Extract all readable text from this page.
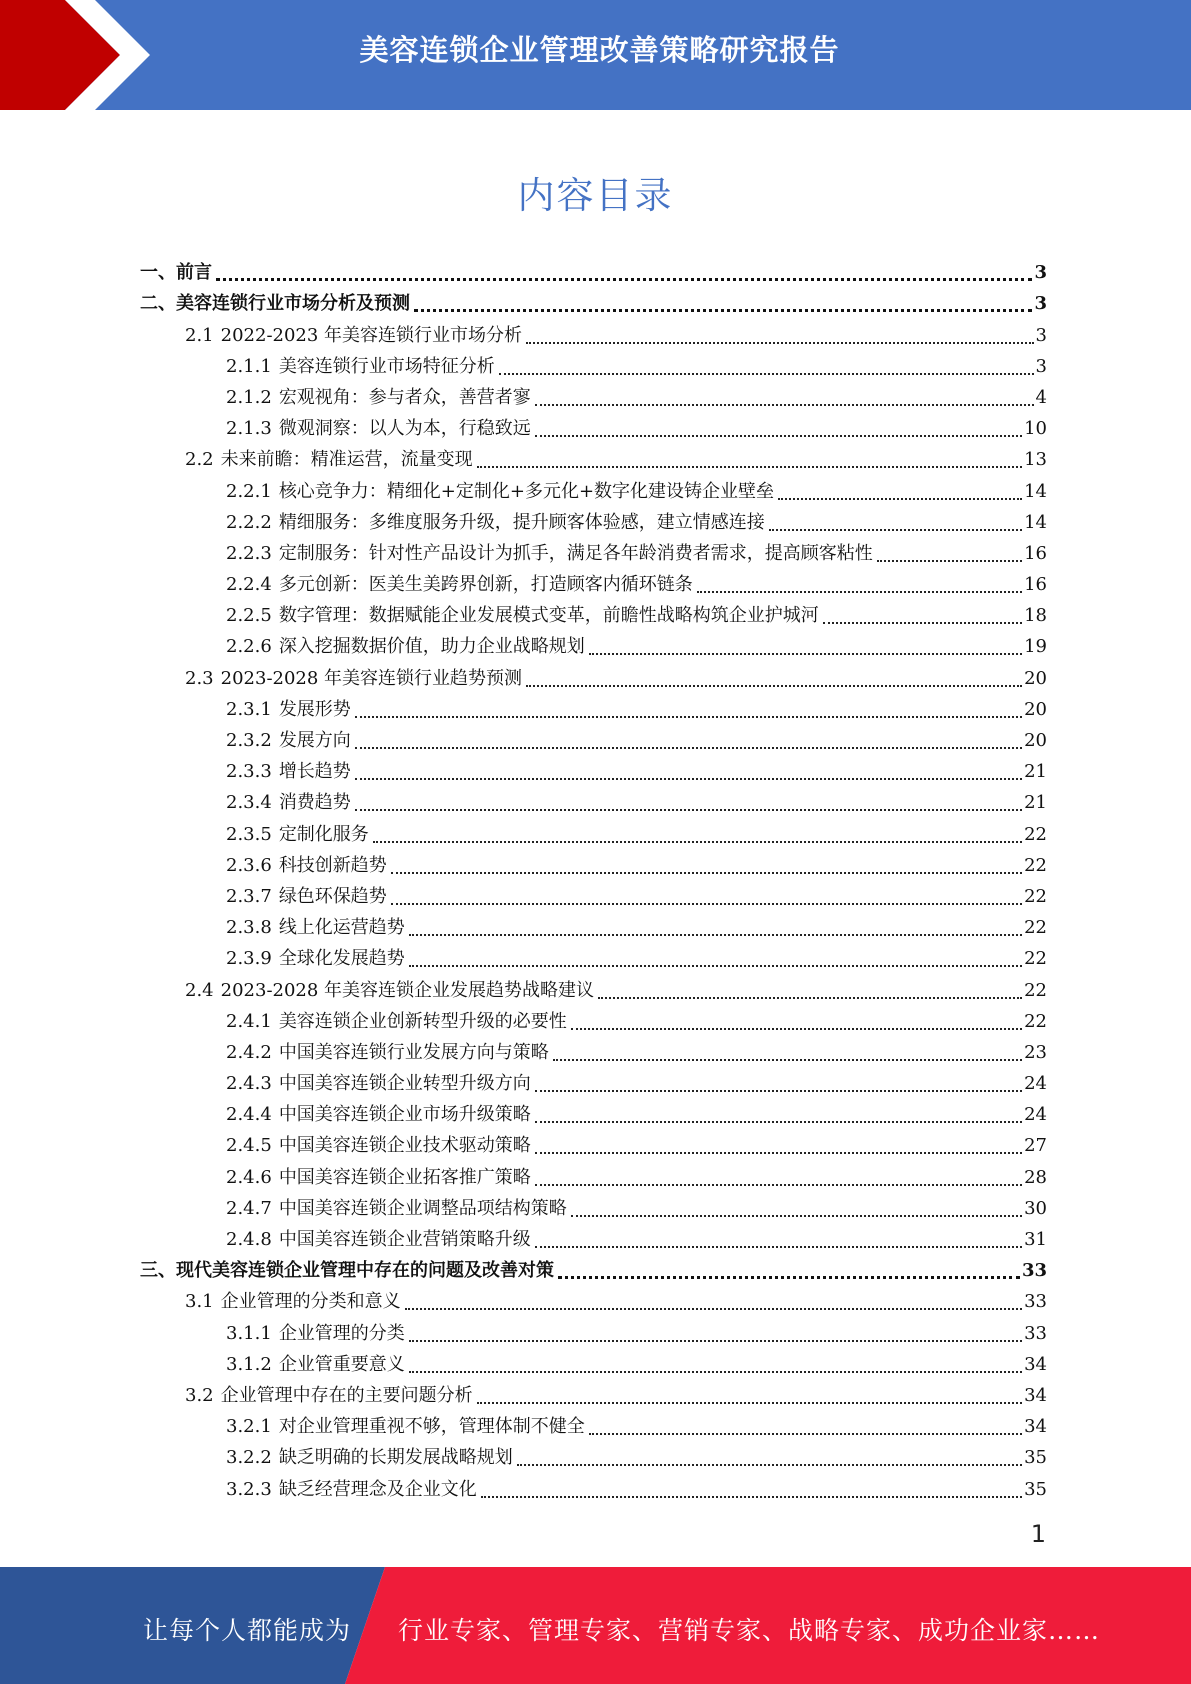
美容连锁企业管理改善策略研究报告
内容目录
一、前言	3
二、美容连锁行业市场分析及预测	3
2.1 2022-2023 年美容连锁行业市场分析	3
2.1.1 美容连锁行业市场特征分析	3
2.1.2 宏观视角：参与者众，善营者寥	4
2.1.3 微观洞察：以人为本，行稳致远	10
2.2 未来前瞻：精准运营，流量变现	13
2.2.1 核心竞争力：精细化+定制化+多元化+数字化建设铸企业壁垒	14
2.2.2 精细服务：多维度服务升级，提升顾客体验感，建立情感连接	14
2.2.3 定制服务：针对性产品设计为抓手，满足各年龄消费者需求，提高顾客粘性	16
2.2.4 多元创新：医美生美跨界创新，打造顾客内循环链条	16
2.2.5 数字管理：数据赋能企业发展模式变革，前瞻性战略构筑企业护城河	18
2.2.6 深入挖掘数据价值，助力企业战略规划	19
2.3 2023-2028 年美容连锁行业趋势预测	20
2.3.1 发展形势	20
2.3.2 发展方向	20
2.3.3 增长趋势	21
2.3.4 消费趋势	21
2.3.5 定制化服务	22
2.3.6 科技创新趋势	22
2.3.7 绿色环保趋势	22
2.3.8 线上化运营趋势	22
2.3.9 全球化发展趋势	22
2.4 2023-2028 年美容连锁企业发展趋势战略建议	22
2.4.1 美容连锁企业创新转型升级的必要性	22
2.4.2 中国美容连锁行业发展方向与策略	23
2.4.3 中国美容连锁企业转型升级方向	24
2.4.4 中国美容连锁企业市场升级策略	24
2.4.5 中国美容连锁企业技术驱动策略	27
2.4.6 中国美容连锁企业拓客推广策略	28
2.4.7 中国美容连锁企业调整品项结构策略	30
2.4.8 中国美容连锁企业营销策略升级	31
三、现代美容连锁企业管理中存在的问题及改善对策	33
3.1 企业管理的分类和意义	33
3.1.1 企业管理的分类	33
3.1.2 企业管重要意义	34
3.2 企业管理中存在的主要问题分析	34
3.2.1 对企业管理重视不够，管理体制不健全	34
3.2.2 缺乏明确的长期发展战略规划	35
3.2.3 缺乏经营理念及企业文化	35
1
让每个人都能成为 行业专家、管理专家、营销专家、战略专家、成功企业家……
